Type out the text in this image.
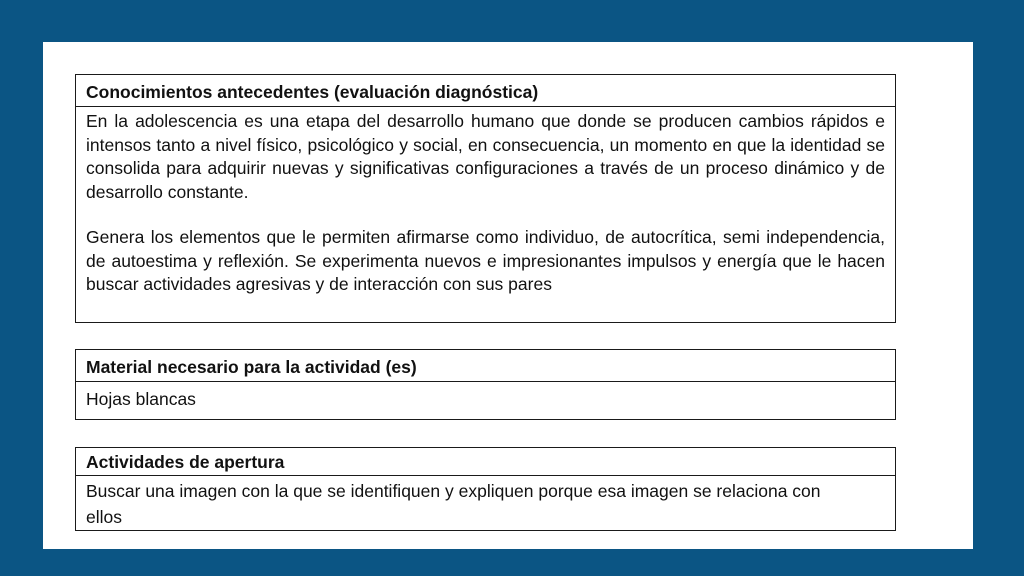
Conocimientos antecedentes (evaluación diagnóstica)
En la adolescencia es una etapa del desarrollo humano que donde se producen cambios rápidos e intensos tanto a nivel físico, psicológico y social, en consecuencia, un momento en que la identidad se consolida para adquirir nuevas y significativas configuraciones a través de un proceso dinámico y de desarrollo constante.
Genera los elementos que le permiten afirmarse como individuo, de autocrítica, semi independencia, de autoestima y reflexión. Se experimenta nuevos e impresionantes impulsos y energía que le hacen buscar actividades agresivas y de interacción con sus pares
Material necesario para la actividad (es)
Hojas blancas
Actividades de apertura
Buscar una imagen con la que se identifiquen y expliquen porque esa imagen se relaciona con ellos
